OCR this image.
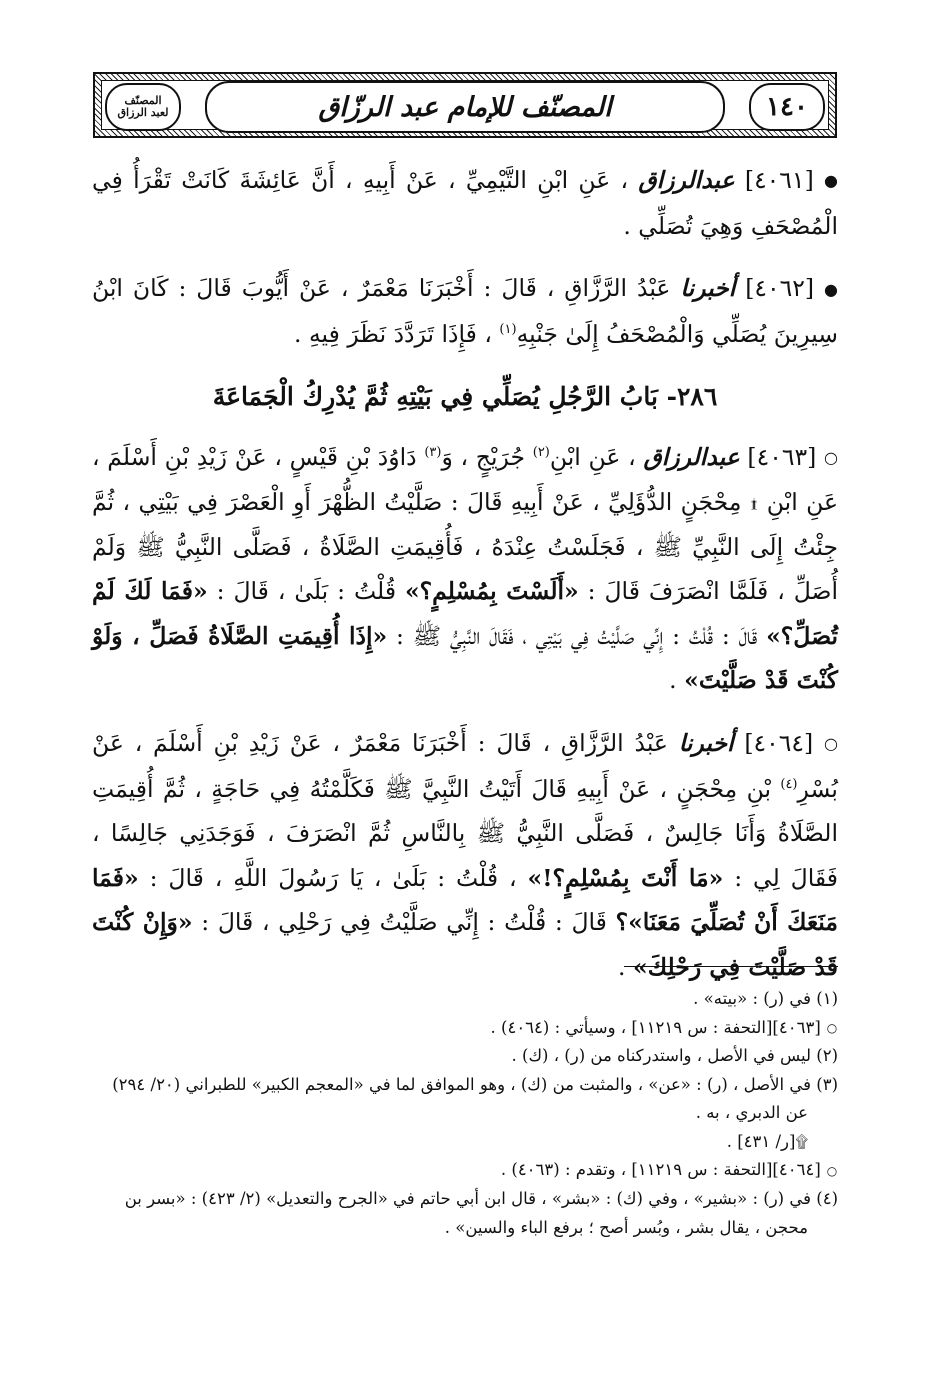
١٤٠
المصنّف للإمام عبد الرزّاق
المصنّف
لعبد الرزاق

● [٤٠٦١] عبدالرزاق ، عَنِ ابْنِ التَّيْمِيِّ ، عَنْ أَبِيهِ ، أَنَّ عَائِشَةَ كَانَتْ تَقْرَأُ فِي الْمُصْحَفِ وَهِيَ تُصَلِّي .

● [٤٠٦٢] أخبرنا عَبْدُ الرَّزَّاقِ ، قَالَ : أَخْبَرَنَا مَعْمَرٌ ، عَنْ أَيُّوبَ قَالَ : كَانَ ابْنُ سِيرِينَ يُصَلِّي وَالْمُصْحَفُ إِلَىٰ جَنْبِهِ$^{(١)}$ ، فَإِذَا تَرَدَّدَ نَظَرَ فِيهِ .

٢٨٦- بَابُ الرَّجُلِ يُصَلِّي فِي بَيْتِهِ ثُمَّ يُدْرِكُ الْجَمَاعَةَ

○ [٤٠٦٣] عبدالرزاق ، عَنِ ابْنِ$^{(٢)}$ جُرَيْجٍ ، وَ$^{(٣)}$ دَاوُدَ بْنِ قَيْسٍ ، عَنْ زَيْدِ بْنِ أَسْلَمَ ، عَنِ ابْنِ ۩ مِحْجَنٍ الدُّؤَلِيِّ ، عَنْ أَبِيهِ قَالَ : صَلَّيْتُ الظُّهْرَ أَوِ الْعَصْرَ فِي بَيْتِي ، ثُمَّ جِئْتُ إِلَى النَّبِيِّ ﷺ ، فَجَلَسْتُ عِنْدَهُ ، فَأُقِيمَتِ الصَّلَاةُ ، فَصَلَّى النَّبِيُّ ﷺ وَلَمْ أُصَلِّ ، فَلَمَّا انْصَرَفَ قَالَ : «أَلَسْتَ بِمُسْلِمٍ؟» قُلْتُ : بَلَىٰ ، قَالَ : «فَمَا لَكَ لَمْ تُصَلِّ؟» قَالَ : قُلْتُ : إِنِّي صَلَّيْتُ فِي بَيْتِي ، فَقَالَ النَّبِيُّ ﷺ : «إِذَا أُقِيمَتِ الصَّلَاةُ فَصَلِّ ، وَلَوْ كُنْتَ قَدْ صَلَّيْتَ» .

○ [٤٠٦٤] أخبرنا عَبْدُ الرَّزَّاقِ ، قَالَ : أَخْبَرَنَا مَعْمَرٌ ، عَنْ زَيْدِ بْنِ أَسْلَمَ ، عَنْ بُسْرِ$^{(٤)}$ بْنِ مِحْجَنٍ ، عَنْ أَبِيهِ قَالَ أَتَيْتُ النَّبِيَّ ﷺ فَكَلَّمْتُهُ فِي حَاجَةٍ ، ثُمَّ أُقِيمَتِ الصَّلَاةُ وَأَنَا جَالِسٌ ، فَصَلَّى النَّبِيُّ ﷺ بِالنَّاسِ ثُمَّ انْصَرَفَ ، فَوَجَدَنِي جَالِسًا ، فَقَالَ لِي : «مَا أَنْتَ بِمُسْلِمٍ؟!» ، قُلْتُ : بَلَىٰ ، يَا رَسُولَ اللَّهِ ، قَالَ : «فَمَا مَنَعَكَ أَنْ تُصَلِّيَ مَعَنَا»؟ قَالَ : قُلْتُ : إِنِّي صَلَّيْتُ فِي رَحْلِي ، قَالَ : «وَإِنْ كُنْتَ قَدْ صَلَّيْتَ فِي رَحْلِكَ» .

(١) في (ر) : «بيته» .

○ [٤٠٦٣][التحفة : س ١١٢١٩] ، وسيأتي : (٤٠٦٤) .

(٢) ليس في الأصل ، واستدركناه من (ر) ، (ك) .

(٣) في الأصل ، (ر) : «عن» ، والمثبت من (ك) ، وهو الموافق لما في «المعجم الكبير» للطبراني (٢٠/ ٢٩٤)

عن الدبري ، به .

۩[ر/ ٤٣١] .

○ [٤٠٦٤][التحفة : س ١١٢١٩] ، وتقدم : (٤٠٦٣) .

(٤) في (ر) : «بشير» ، وفي (ك) : «بشر» ، قال ابن أبي حاتم في «الجرح والتعديل» (٢/ ٤٢٣) : «بسر بن

محجن ، يقال بشر ، وبُسر أصح ؛ برفع الباء والسين» .
